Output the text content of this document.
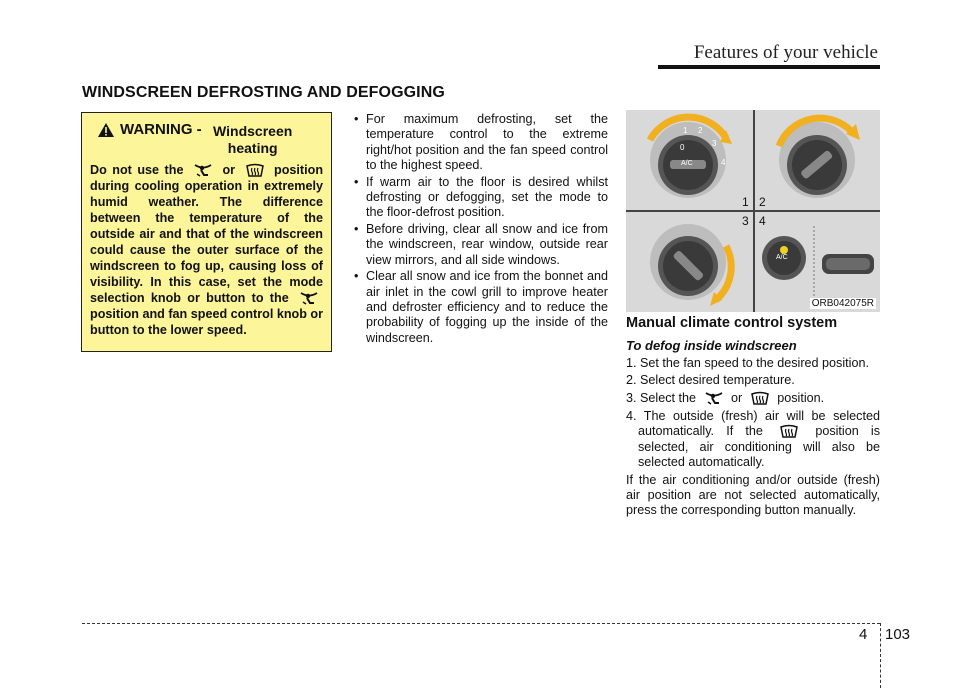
Features of your vehicle
WINDSCREEN DEFROSTING AND DEFOGGING
WARNING - Windscreen heating
Do not use the	or	position during cooling operation in extremely humid weather. The difference between the temperature of the outside air and that of the windscreen could cause the outer surface of the windscreen to fog up, causing loss of visibility. In this case, set the mode selection knob or button to the  position and fan speed control knob or button to the lower speed.
• For maximum defrosting, set the temperature control to the extreme right/hot position and the fan speed control to the highest speed.
• If warm air to the floor is desired whilst defrosting or defogging, set the mode to the floor-defrost position.
• Before driving, clear all snow and ice from the windscreen, rear window, outside rear view mirrors, and all side windows.
• Clear all snow and ice from the bonnet and air inlet in the cowl grill to improve heater and defroster efficiency and to reduce the probability of fogging up the inside of the windscreen.
0
1 2
3
4
A/C
A/C
1 2
3 4
ORB042075R
Manual climate control system
To defog inside windscreen
1. Set the fan speed to the desired position.
2. Select desired temperature.
3. Select the	or	position.
4. The outside (fresh) air will be selected automatically. If the	position is selected, air conditioning will also be selected automatically.

If the air conditioning and/or outside (fresh) air position are not selected automatically, press the corresponding button manually.

4 103
